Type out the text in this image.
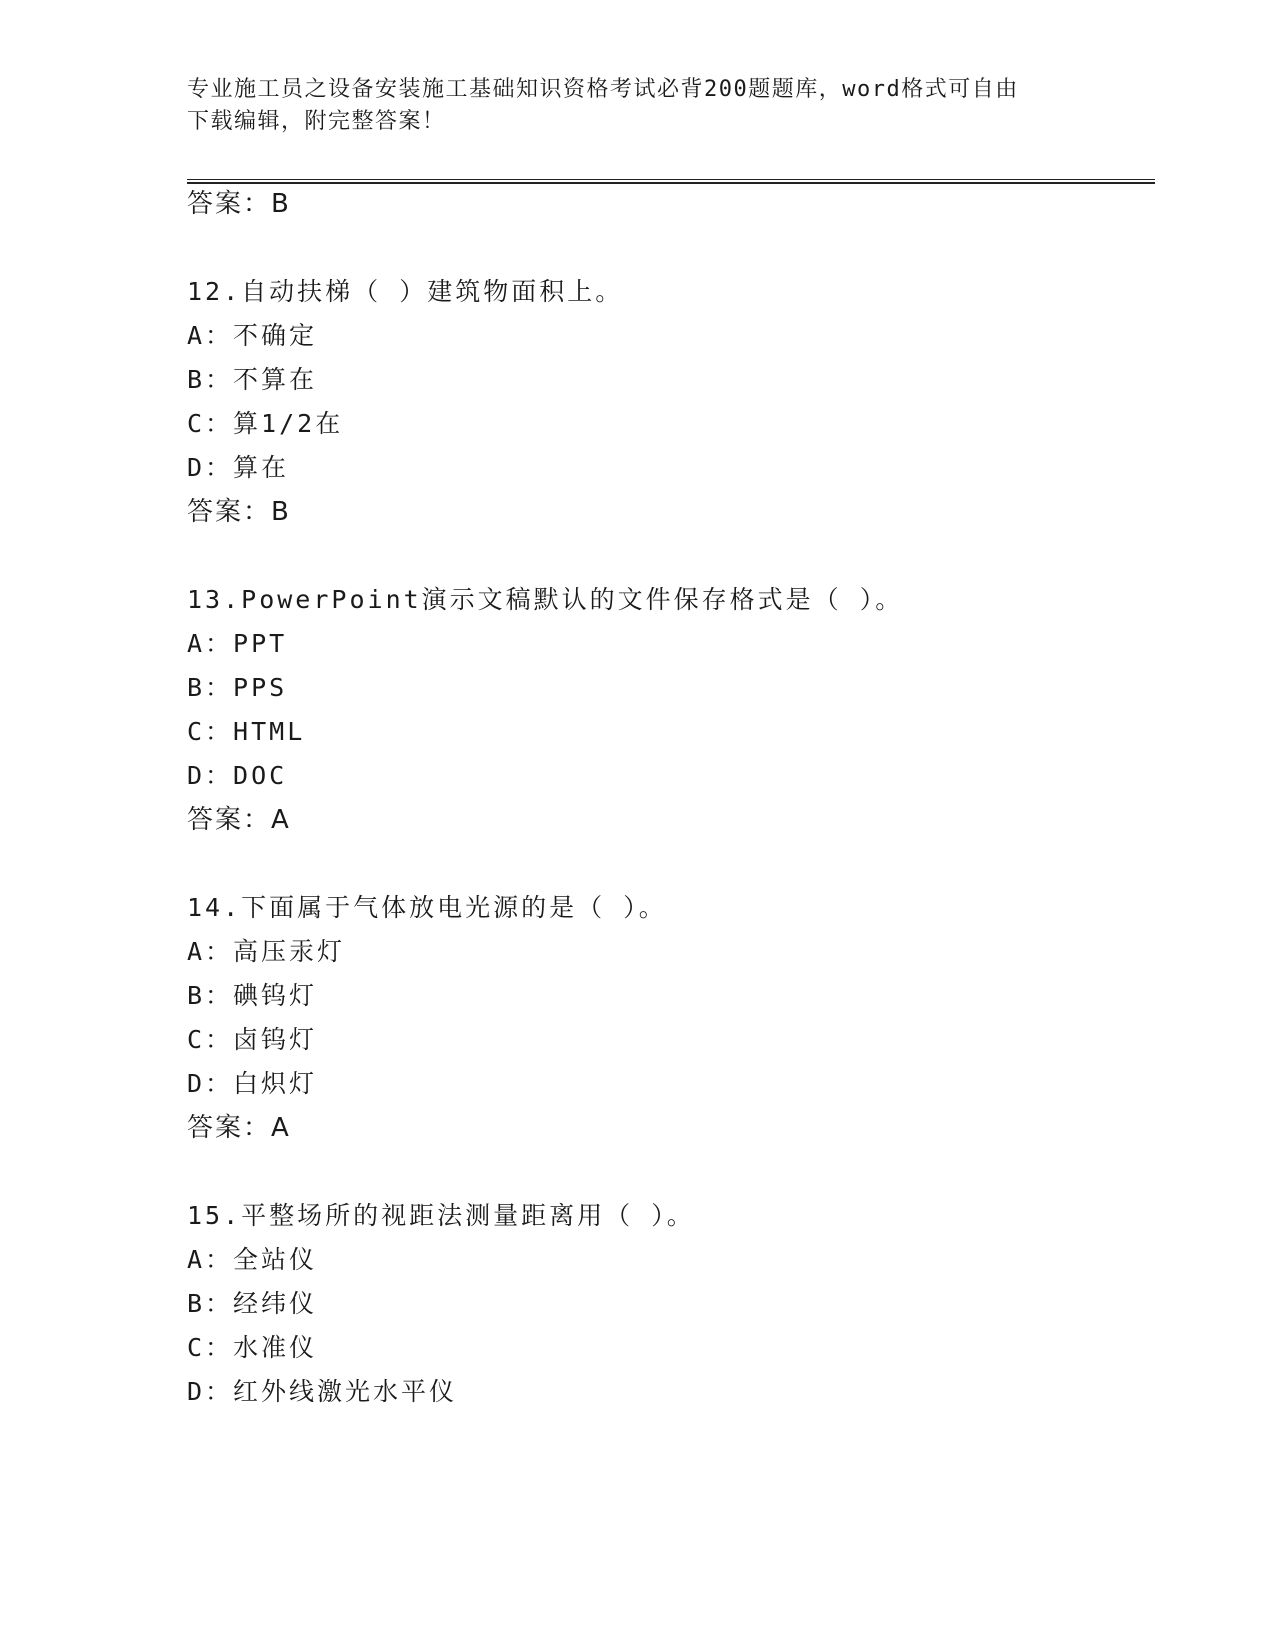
专业施工员之设备安装施工基础知识资格考试必背200题题库，word格式可自由
下载编辑，附完整答案！

答案：B

12.自动扶梯（ ）建筑物面积上。

A：不确定

B：不算在

C：算1/2在

D：算在

答案：B

13.PowerPoint演示文稿默认的文件保存格式是（ ）。

A：PPT

B：PPS

C：HTML

D：DOC

答案：A

14.下面属于气体放电光源的是（ ）。

A：高压汞灯

B：碘钨灯

C：卤钨灯

D：白炽灯

答案：A

15.平整场所的视距法测量距离用（ ）。

A：全站仪

B：经纬仪

C：水准仪

D：红外线激光水平仪
